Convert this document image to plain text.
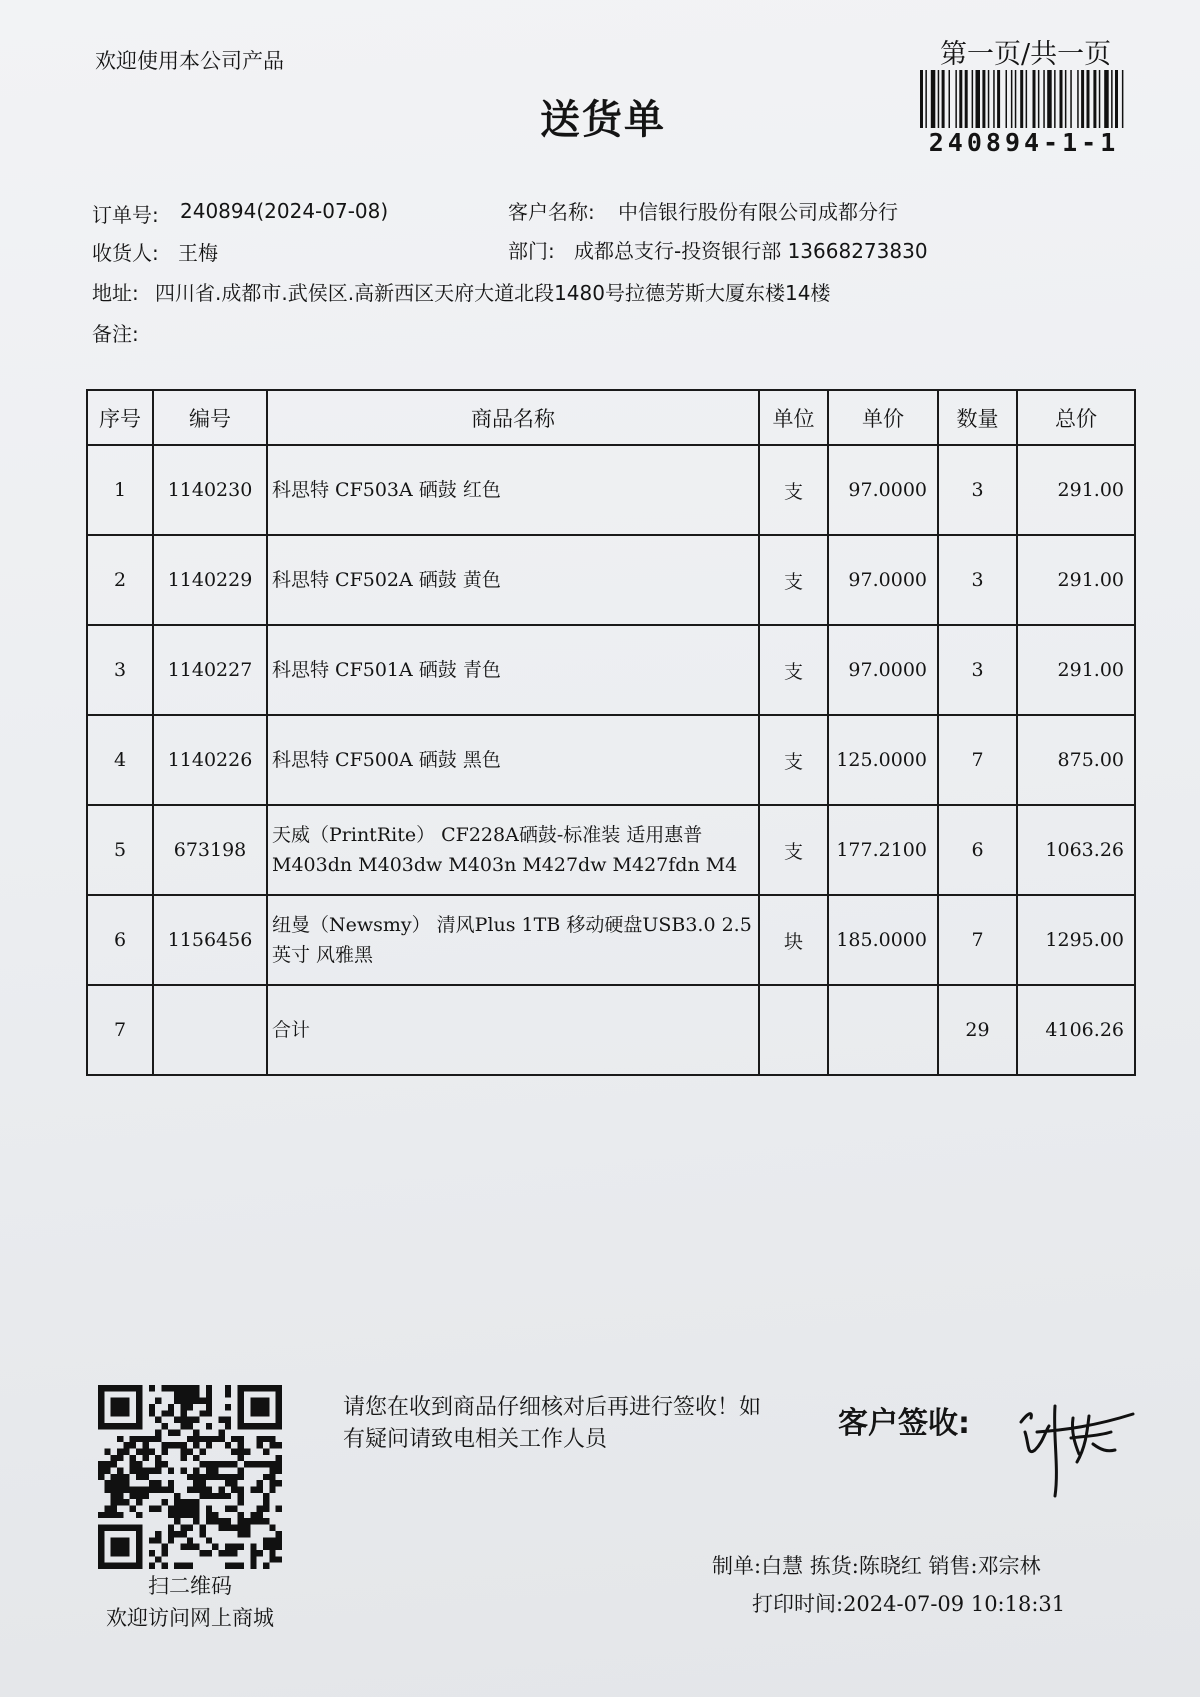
欢迎使用本公司产品	第一页/共一页
送货单	240894-1-1
订单号: 240894(2024-07-08)	客户名称: 中信银行股份有限公司成都分行
收货人: 王梅	部门: 成都总支行-投资银行部 13668273830
地址: 四川省.成都市.武侯区.高新西区天府大道北段1480号拉德芳斯大厦东楼14楼
备注:
序号	编号	商品名称	单位	单价	数量	总价
1	1140230	科思特 CF503A 硒鼓 红色	支	97.0000	3	291.00
2	1140229	科思特 CF502A 硒鼓 黄色	支	97.0000	3	291.00
3	1140227	科思特 CF501A 硒鼓 青色	支	97.0000	3	291.00
4	1140226	科思特 CF500A 硒鼓 黑色	支	125.0000	7	875.00
5	673198	天威（PrintRite） CF228A硒鼓-标准装 适用惠普M403dn M403dw M403n M427dw M427fdn M4	支	177.2100	6	1063.26
6	1156456	纽曼（Newsmy） 清风Plus 1TB 移动硬盘USB3.0 2.5英寸 风雅黑	块	185.0000	7	1295.00
7		合计			29	4106.26
扫二维码
欢迎访问网上商城
请您在收到商品仔细核对后再进行签收！如有疑问请致电相关工作人员	客户签收:
制单:白慧 拣货:陈晓红 销售:邓宗林
打印时间:2024-07-09 10:18:31
